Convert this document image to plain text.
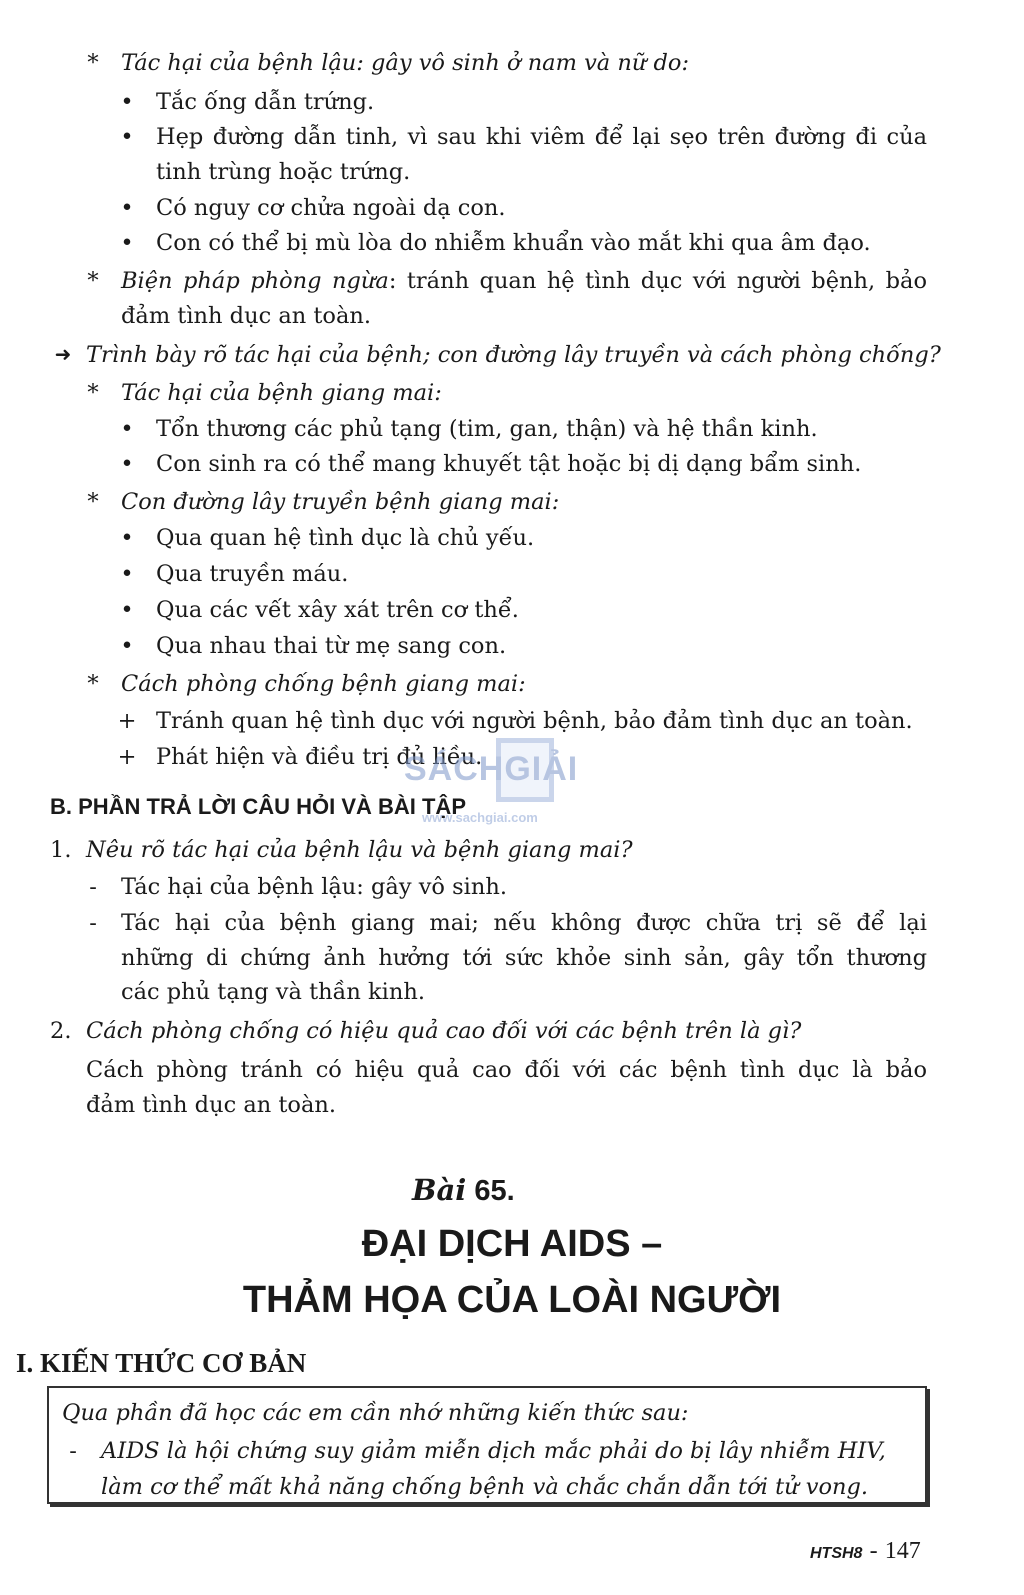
* Tác hại của bệnh lậu: gây vô sinh ở nam và nữ do:
• Tắc ống dẫn trứng.
• Hẹp đường dẫn tinh, vì sau khi viêm để lại sẹo trên đường đi của
tinh trùng hoặc trứng.
• Có nguy cơ chửa ngoài dạ con.
• Con có thể bị mù lòa do nhiễm khuẩn vào mắt khi qua âm đạo.
* Biện pháp phòng ngừa: tránh quan hệ tình dục với người bệnh, bảo
đảm tình dục an toàn.
➜ Trình bày rõ tác hại của bệnh; con đường lây truyền và cách phòng chống?
* Tác hại của bệnh giang mai:
• Tổn thương các phủ tạng (tim, gan, thận) và hệ thần kinh.
• Con sinh ra có thể mang khuyết tật hoặc bị dị dạng bẩm sinh.
* Con đường lây truyền bệnh giang mai:
• Qua quan hệ tình dục là chủ yếu.
• Qua truyền máu.
• Qua các vết xây xát trên cơ thể.
• Qua nhau thai từ mẹ sang con.
* Cách phòng chống bệnh giang mai:
+ Tránh quan hệ tình dục với người bệnh, bảo đảm tình dục an toàn.
+ Phát hiện và điều trị đủ liều.
SÁCHGIẢI
www.sachgiai.com
B. PHẦN TRẢ LỜI CÂU HỎI VÀ BÀI TẬP
1. Nêu rõ tác hại của bệnh lậu và bệnh giang mai?
-	Tác hại của bệnh lậu: gây vô sinh.
-	Tác hại của bệnh giang mai; nếu không được chữa trị sẽ để lại
những di chứng ảnh hưởng tới sức khỏe sinh sản, gây tổn thương
các phủ tạng và thần kinh.
2. Cách phòng chống có hiệu quả cao đối với các bệnh trên là gì?
Cách phòng tránh có hiệu quả cao đối với các bệnh tình dục là bảo
đảm tình dục an toàn.
Bài 65.
ĐẠI DỊCH AIDS –
THẢM HỌA CỦA LOÀI NGƯỜI
I. KIẾN THỨC CƠ BẢN
Qua phần đã học các em cần nhớ những kiến thức sau:
-	AIDS là hội chứng suy giảm miễn dịch mắc phải do bị lây nhiễm HIV,
làm cơ thể mất khả năng chống bệnh và chắc chắn dẫn tới tử vong.
HTSH8 - 147
